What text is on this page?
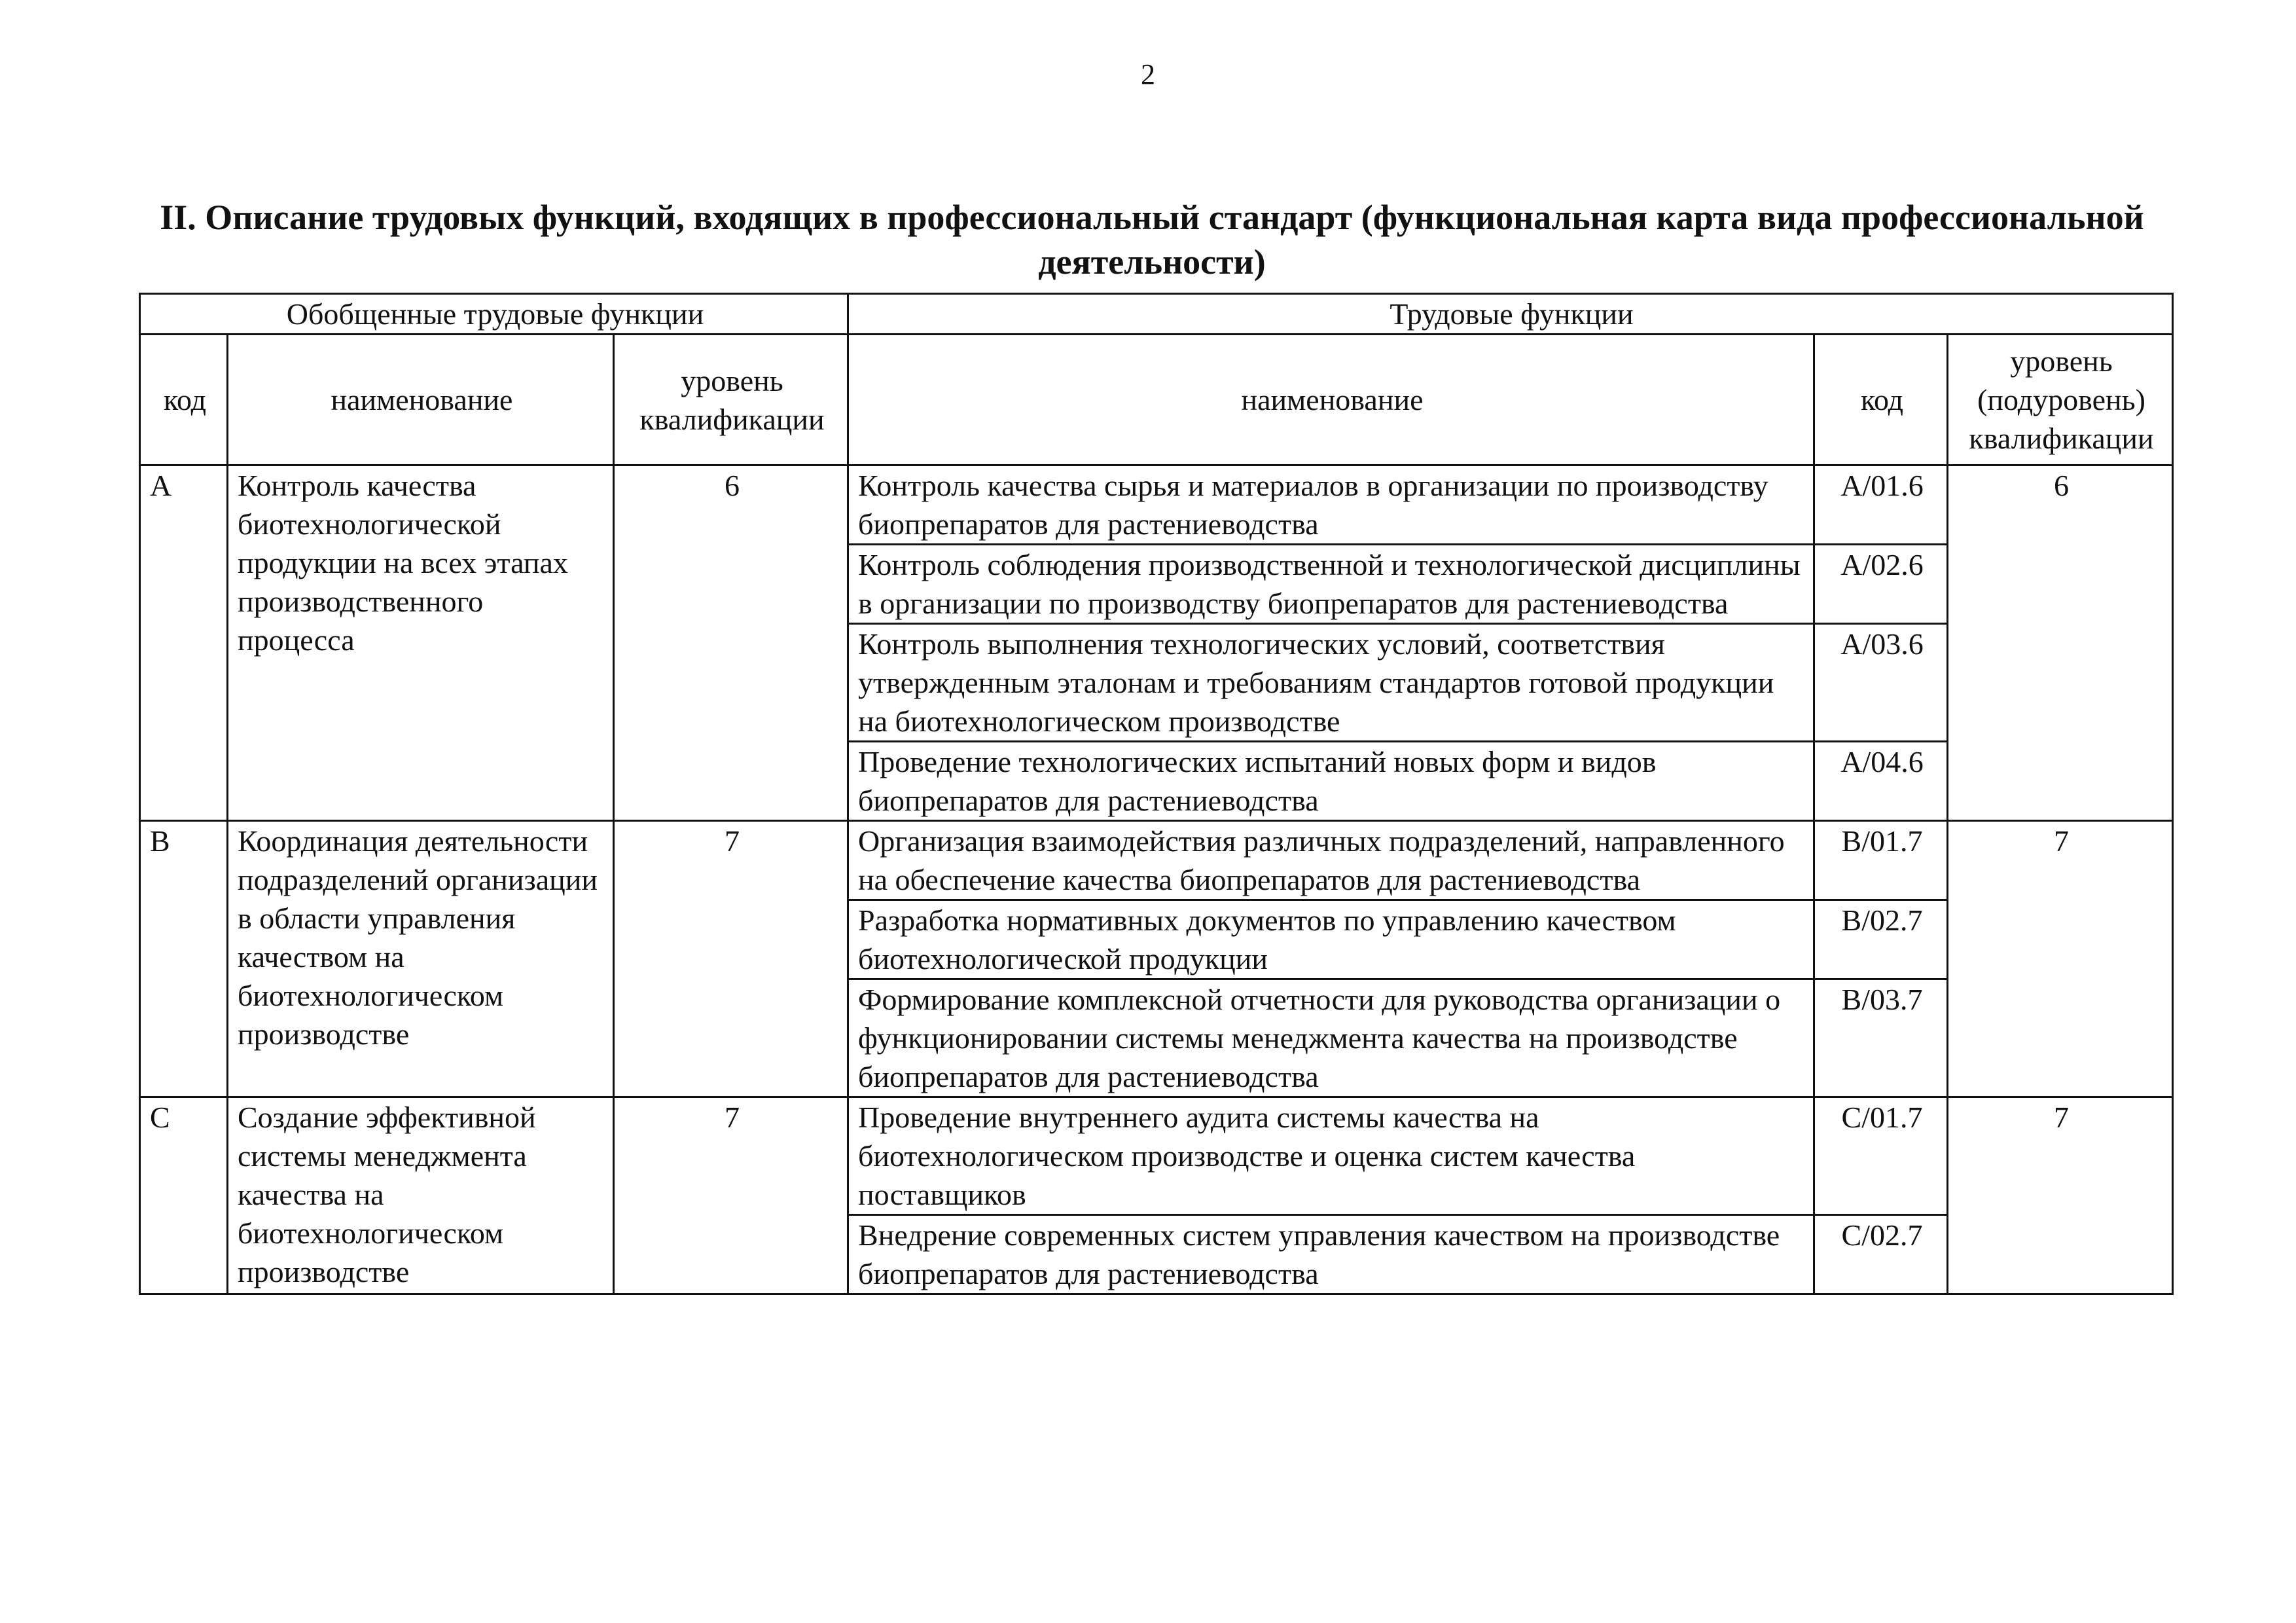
2
II. Описание трудовых функций, входящих в профессиональный стандарт (функциональная карта вида профессиональной деятельности)
Обобщенные трудовые функции			Трудовые функции		
код	наименование	уровень квалификации	наименование	код	уровень (подуровень) квалификации
A	Контроль качества биотехнологической продукции на всех этапах производственного процесса	6	Контроль качества сырья и материалов в организации по производству биопрепаратов для растениеводства	A/01.6	6
			Контроль соблюдения производственной и технологической дисциплины в организации по производству биопрепаратов для растениеводства	A/02.6	
			Контроль выполнения технологических условий, соответствия утвержденным эталонам и требованиям стандартов готовой продукции на биотехнологическом производстве	A/03.6	
			Проведение технологических испытаний новых форм и видов биопрепаратов для растениеводства	A/04.6	
B	Координация деятельности подразделений организации в области управления качеством на биотехнологическом производстве	7	Организация взаимодействия различных подразделений, направленного на обеспечение качества биопрепаратов для растениеводства	B/01.7	7
			Разработка нормативных документов по управлению качеством биотехнологической продукции	B/02.7	
			Формирование комплексной отчетности для руководства организации о функционировании системы менеджмента качества на производстве биопрепаратов для растениеводства	B/03.7	
C	Создание эффективной системы менеджмента качества на биотехнологическом производстве	7	Проведение внутреннего аудита системы качества на биотехнологическом производстве и оценка систем качества поставщиков	C/01.7	7
			Внедрение современных систем управления качеством на производстве биопрепаратов для растениеводства	C/02.7	
